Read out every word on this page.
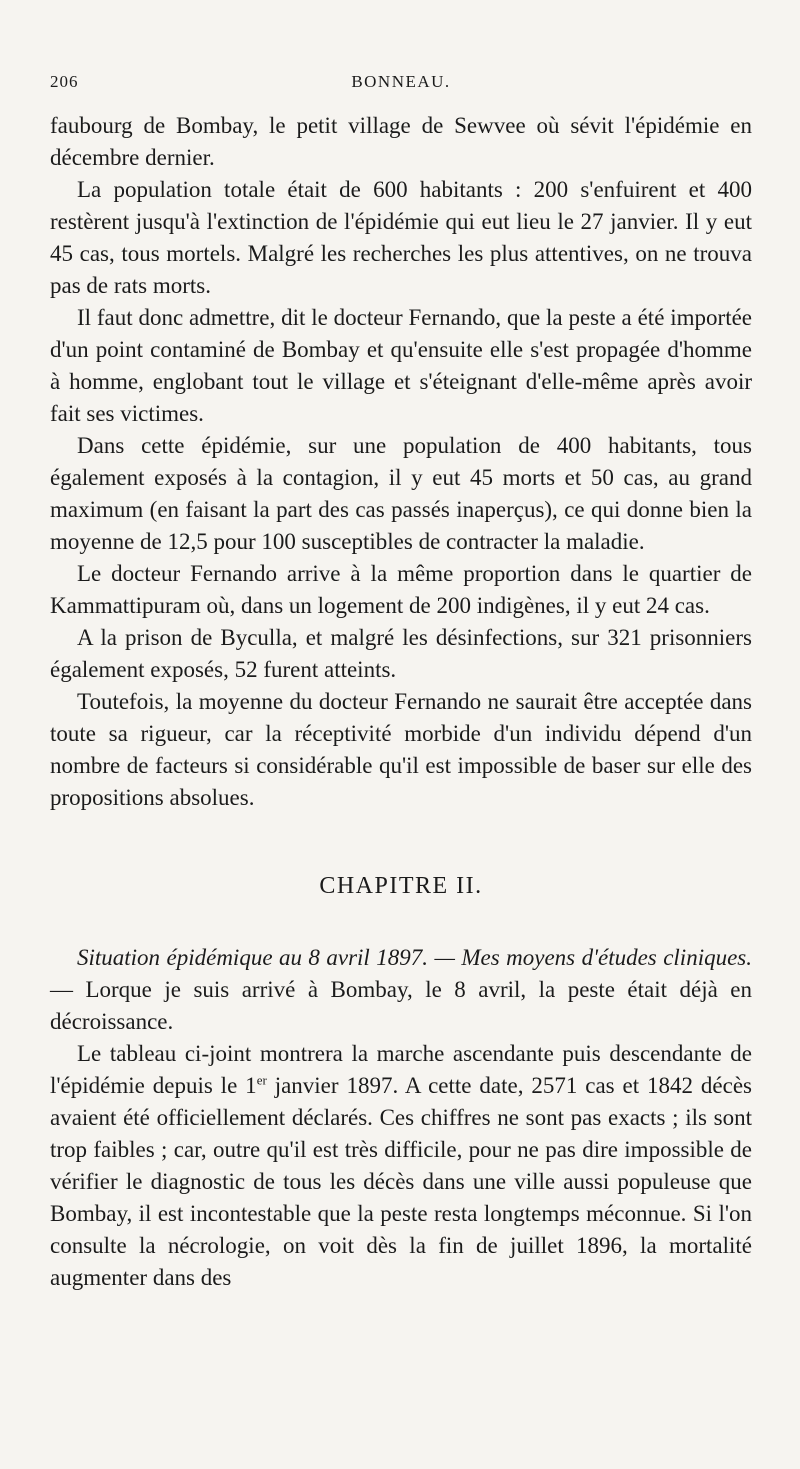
206	BONNEAU.

faubourg de Bombay, le petit village de Sewvee où sévit l'épidémie en décembre dernier.

La population totale était de 600 habitants : 200 s'enfuirent et 400 restèrent jusqu'à l'extinction de l'épidémie qui eut lieu le 27 janvier. Il y eut 45 cas, tous mortels. Malgré les recherches les plus attentives, on ne trouva pas de rats morts.

Il faut donc admettre, dit le docteur Fernando, que la peste a été importée d'un point contaminé de Bombay et qu'ensuite elle s'est propagée d'homme à homme, englobant tout le village et s'éteignant d'elle-même après avoir fait ses victimes.

Dans cette épidémie, sur une population de 400 habitants, tous également exposés à la contagion, il y eut 45 morts et 50 cas, au grand maximum (en faisant la part des cas passés inaperçus), ce qui donne bien la moyenne de 12,5 pour 100 susceptibles de contracter la maladie.

Le docteur Fernando arrive à la même proportion dans le quartier de Kammattipuram où, dans un logement de 200 indigènes, il y eut 24 cas.

A la prison de Byculla, et malgré les désinfections, sur 321 prisonniers également exposés, 52 furent atteints.

Toutefois, la moyenne du docteur Fernando ne saurait être acceptée dans toute sa rigueur, car la réceptivité morbide d'un individu dépend d'un nombre de facteurs si considérable qu'il est impossible de baser sur elle des propositions absolues.

CHAPITRE II.

Situation épidémique au 8 avril 1897. — Mes moyens d'études cliniques. — Lorque je suis arrivé à Bombay, le 8 avril, la peste était déjà en décroissance.

Le tableau ci-joint montrera la marche ascendante puis descendante de l'épidémie depuis le 1er janvier 1897. A cette date, 2571 cas et 1842 décès avaient été officiellement déclarés. Ces chiffres ne sont pas exacts ; ils sont trop faibles ; car, outre qu'il est très difficile, pour ne pas dire impossible de vérifier le diagnostic de tous les décès dans une ville aussi populeuse que Bombay, il est incontestable que la peste resta longtemps méconnue. Si l'on consulte la nécrologie, on voit dès la fin de juillet 1896, la mortalité augmenter dans des
